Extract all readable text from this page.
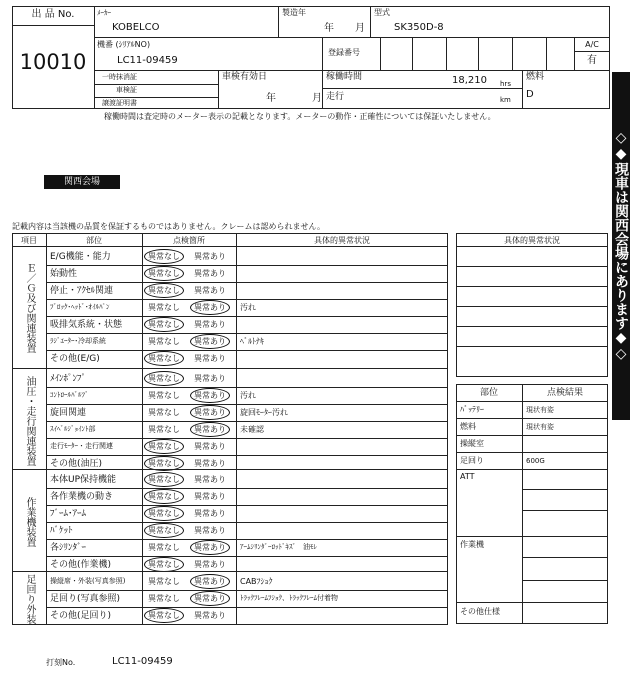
出 品 No.
10010
ﾒｰｶｰ
KOBELCO
製造年
年 月
型式
SK350D-8
機番 (ｼﾘｱﾙNO)
LC11-09459
登録番号
A/C
有
一時抹消証
車検証
譲渡証明書
車検有効日
年	月
稼働時間	18,210 hrs
走行	km
燃料
D
稼働時間は査定時のメーター表示の記載となります。メーターの動作・正確性については保証いたしません。
◇◆現車は関西会場にあります◆◇
関西会場
記載内容は当該機の品質を保証するものではありません。クレームは認められません。
項目	部位	点検箇所	具体的異常状況
Ｅ／Ｇ及び関連装置
E/G機能・能力	異常なし 異常あり
始動性	異常なし 異常あり
停止・ｱｸｾﾙ関連	異常なし 異常あり
ﾌﾞﾛｯｸ･ﾍｯﾄﾞ･ｵｲﾙﾊﾟﾝ	異常なし 異常あり 汚れ
吸排気系統・状態	異常なし 異常あり
ﾗｼﾞｴｰﾀｰ･冷却系統	異常なし 異常あり ﾍﾞﾙﾄﾅｷ
その他(E/G)	異常なし 異常あり
油圧・走行関連装置	ﾒｲﾝﾎﾟﾝﾌﾟ	異常なし 異常あり
ｺﾝﾄﾛｰﾙﾊﾞﾙﾌﾞ	異常なし 異常あり 汚れ
旋回関連	異常なし 異常あり 旋回ﾓｰﾀｰ汚れ
ｽｲﾍﾞﾙｼﾞｮｲﾝﾄ部	異常なし 異常あり 未確認
走行ﾓｰﾀｰ・走行関連	異常なし 異常あり
その他(油圧)	異常なし 異常あり
作業機装置
本体UP保持機能	異常なし 異常あり
各作業機の動き	異常なし 異常あり
ﾌﾞｰﾑ･ｱｰﾑ	異常なし 異常あり
ﾊﾞｹｯﾄ	異常なし 異常あり
各ｼﾘﾝﾀﾞｰ	異常なし 異常あり ｱｰﾑｼﾘﾝﾀﾞｰﾛｯﾄﾞｷｽﾞ　油ﾓﾚ
その他(作業機)	異常なし 異常あり
足回り外装	操縦席・外装(写真参照)	異常なし 異常あり CABﾌｼｮｸ
足回り(写真参照)	異常なし 異常あり ﾄﾗｯｸﾌﾚｰﾑﾌｼｮｸ、ﾄﾗｯｸﾌﾚｰﾑ付着物
その他(足回り)	異常なし 異常あり
具体的異常状況
部位	点検結果
ﾊﾞｯﾃﾘｰ	現状有姿
燃料	現状有姿
操縦室
足回り	600G
ATT
作業機
その他仕様
打刻No.	LC11-09459
